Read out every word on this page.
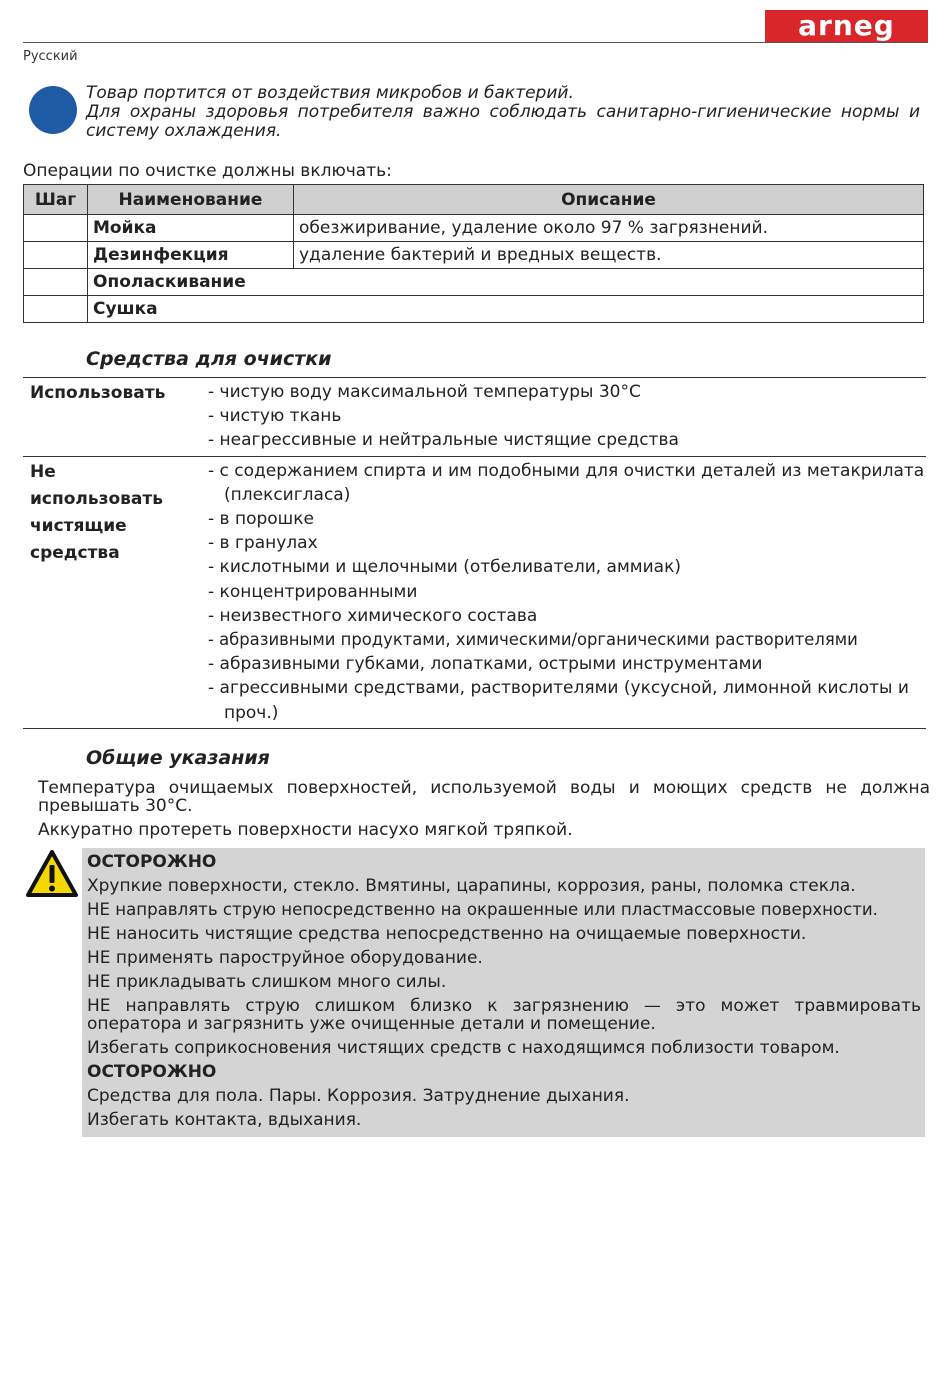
arneg
Русский

Товар портится от воздействия микробов и бактерий.

Для охраны здоровья потребителя важно соблюдать санитарно-гигиенические нормы и систему охлаждения.

Операции по очистке должны включать:
Шаг	Наименование	Описание
	Мойка	обезжиривание, удаление около 97 % загрязнений.
	Дезинфекция	удаление бактерий и вредных веществ.
	Ополаскивание	
	Сушка	
Средства для очистки
Использовать	- чистую воду максимальной температуры 30°C
- чистую ткань
- неагрессивные и нейтральные чистящие средства
Не использовать чистящие средства
- с содержанием спирта и им подобными для очистки деталей из метакрилата (плексигласа)
- в порошке
- в гранулах
- кислотными и щелочными (отбеливатели, аммиак)
- концентрированными
- неизвестного химического состава
- абразивными продуктами, химическими/органическими растворителями
- абразивными губками, лопатками, острыми инструментами
- агрессивными средствами, растворителями (уксусной, лимонной кислоты и проч.)
Общие указания

Температура очищаемых поверхностей, используемой воды и моющих средств не должна превышать 30°C.

Аккуратно протереть поверхности насухо мягкой тряпкой.

ОСТОРОЖНО

Хрупкие поверхности, стекло. Вмятины, царапины, коррозия, раны, поломка стекла.

НЕ направлять струю непосредственно на окрашенные или пластмассовые поверхности.

НЕ наносить чистящие средства непосредственно на очищаемые поверхности.

НЕ применять пароструйное оборудование.

НЕ прикладывать слишком много силы.

НЕ направлять струю слишком близко к загрязнению — это может травмировать оператора и загрязнить уже очищенные детали и помещение.

Избегать соприкосновения чистящих средств с находящимся поблизости товаром.

ОСТОРОЖНО

Средства для пола. Пары. Коррозия. Затруднение дыхания.

Избегать контакта, вдыхания.
